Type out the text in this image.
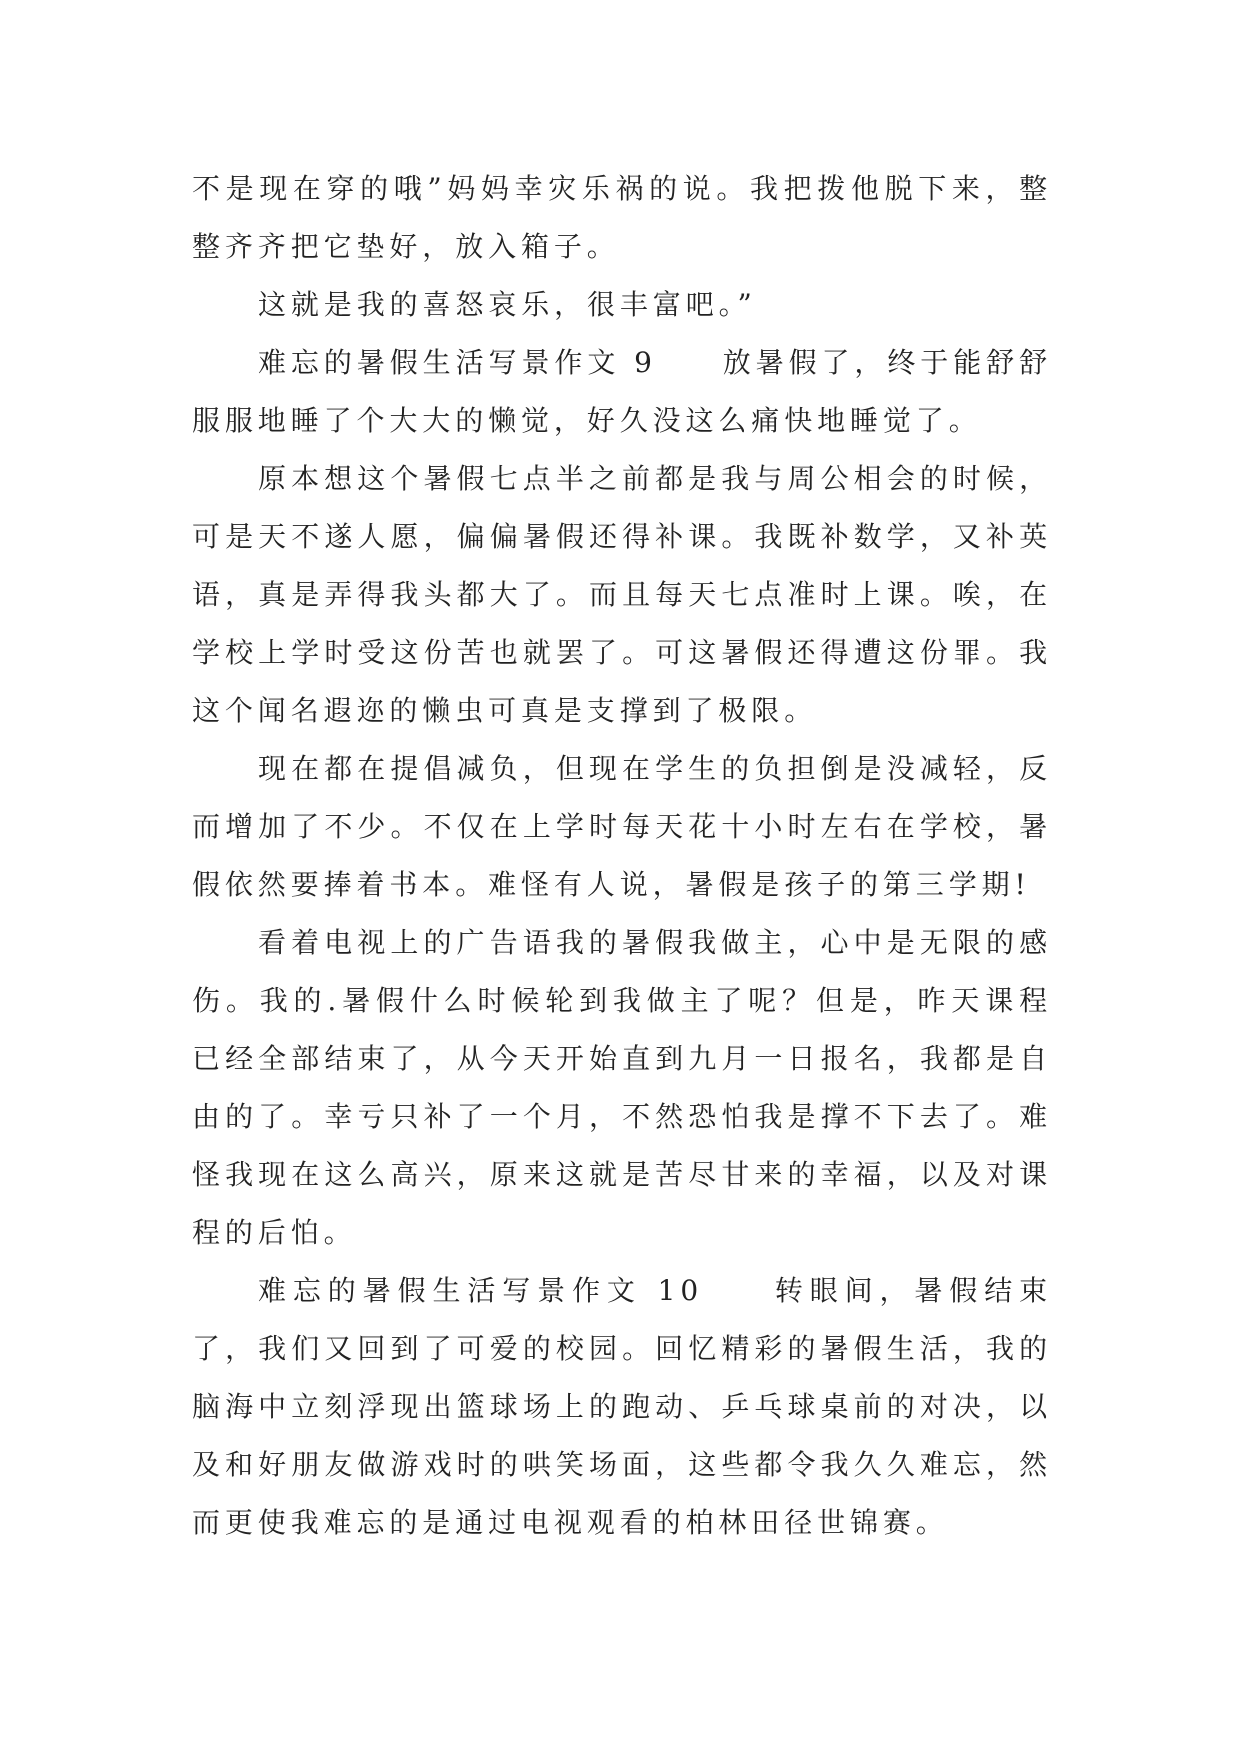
不是现在穿的哦”妈妈幸灾乐祸的说。我把拨他脱下来，整整齐齐把它垫好，放入箱子。

这就是我的喜怒哀乐，很丰富吧。”

难忘的暑假生活写景作文 9　　放暑假了，终于能舒舒服服地睡了个大大的懒觉，好久没这么痛快地睡觉了。

原本想这个暑假七点半之前都是我与周公相会的时候，可是天不遂人愿，偏偏暑假还得补课。我既补数学，又补英语，真是弄得我头都大了。而且每天七点准时上课。唉，在学校上学时受这份苦也就罢了。可这暑假还得遭这份罪。我这个闻名遐迩的懒虫可真是支撑到了极限。

现在都在提倡减负，但现在学生的负担倒是没减轻，反而增加了不少。不仅在上学时每天花十小时左右在学校，暑假依然要捧着书本。难怪有人说，暑假是孩子的第三学期!

看着电视上的广告语我的暑假我做主，心中是无限的感伤。我的.暑假什么时候轮到我做主了呢？但是，昨天课程已经全部结束了，从今天开始直到九月一日报名，我都是自由的了。幸亏只补了一个月，不然恐怕我是撑不下去了。难怪我现在这么高兴，原来这就是苦尽甘来的幸福，以及对课程的后怕。

难忘的暑假生活写景作文 10　　转眼间，暑假结束了，我们又回到了可爱的校园。回忆精彩的暑假生活，我的脑海中立刻浮现出篮球场上的跑动、乒乓球桌前的对决，以及和好朋友做游戏时的哄笑场面，这些都令我久久难忘，然而更使我难忘的是通过电视观看的柏林田径世锦赛。
